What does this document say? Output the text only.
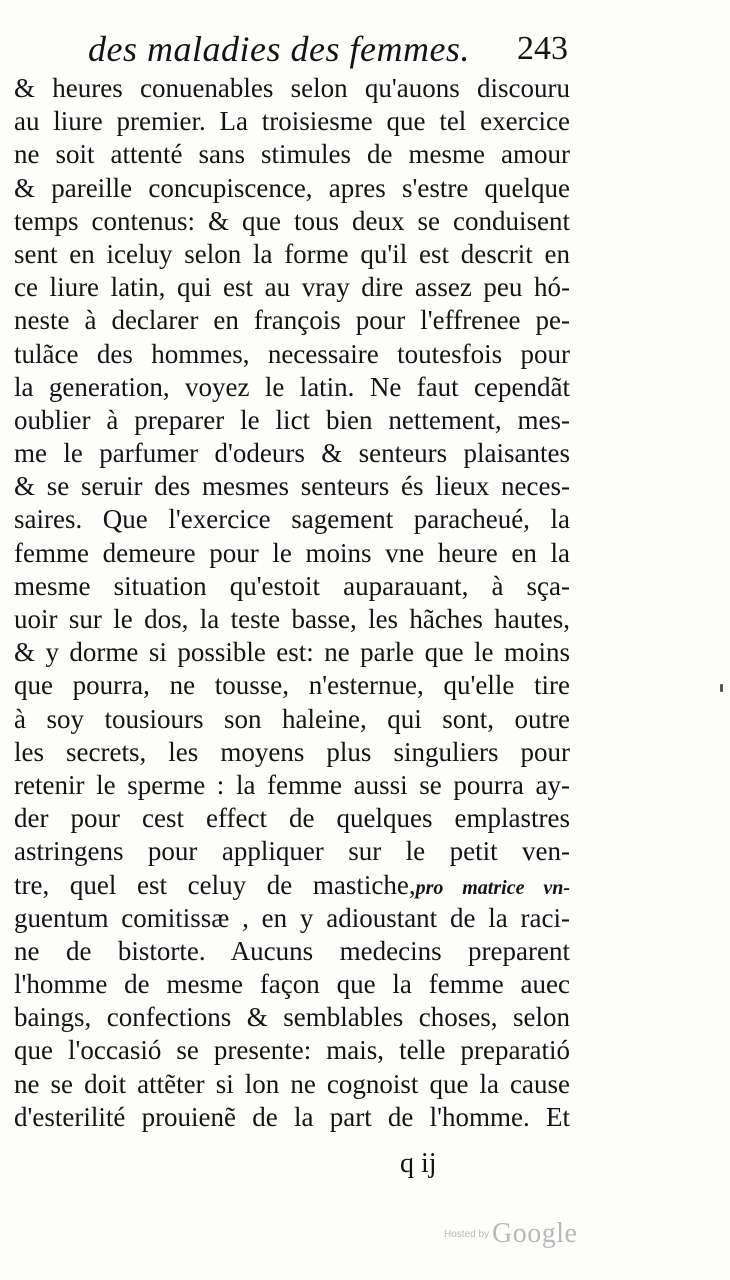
des maladies des femmes. 243
& heures conuenables selon qu'auons discouru
au liure premier. La troisiesme que tel exercice
ne soit attenté sans stimules de mesme amour
& pareille concupiscence, apres s'estre quelque
temps contenus: & que tous deux se conduisent
sent en iceluy selon la forme qu'il est descrit en
ce liure latin, qui est au vray dire assez peu hó-
neste à declarer en françois pour l'effrenee pe-
tulãce des hommes, necessaire toutesfois pour
la generation, voyez le latin. Ne faut cependãt
oublier à preparer le lict bien nettement, mes-
me le parfumer d'odeurs & senteurs plaisantes
& se seruir des mesmes senteurs és lieux neces-
saires. Que l'exercice sagement paracheué, la
femme demeure pour le moins vne heure en la
mesme situation qu'estoit auparauant, à sça-
uoir sur le dos, la teste basse, les hãches hautes,
& y dorme si possible est: ne parle que le moins
que pourra, ne tousse, n'esternue, qu'elle tire
à soy tousiours son haleine, qui sont, outre
les secrets, les moyens plus singuliers pour
retenir le sperme : la femme aussi se pourra ay-
der pour cest effect de quelques emplastres
astringens pour appliquer sur le petit ven-
tre, quel est celuy de mastiche,pro matrice vn-
guentum comitissæ , en y adioustant de la raci-
ne de bistorte. Aucuns medecins preparent
l'homme de mesme façon que la femme auec
baings, confections & semblables choses, selon
que l'occasió se presente: mais, telle preparatió
ne se doit attẽter si lon ne cognoist que la cause
d'esterilité prouienẽ de la part de l'homme. Et
q ij
Hosted by Google
